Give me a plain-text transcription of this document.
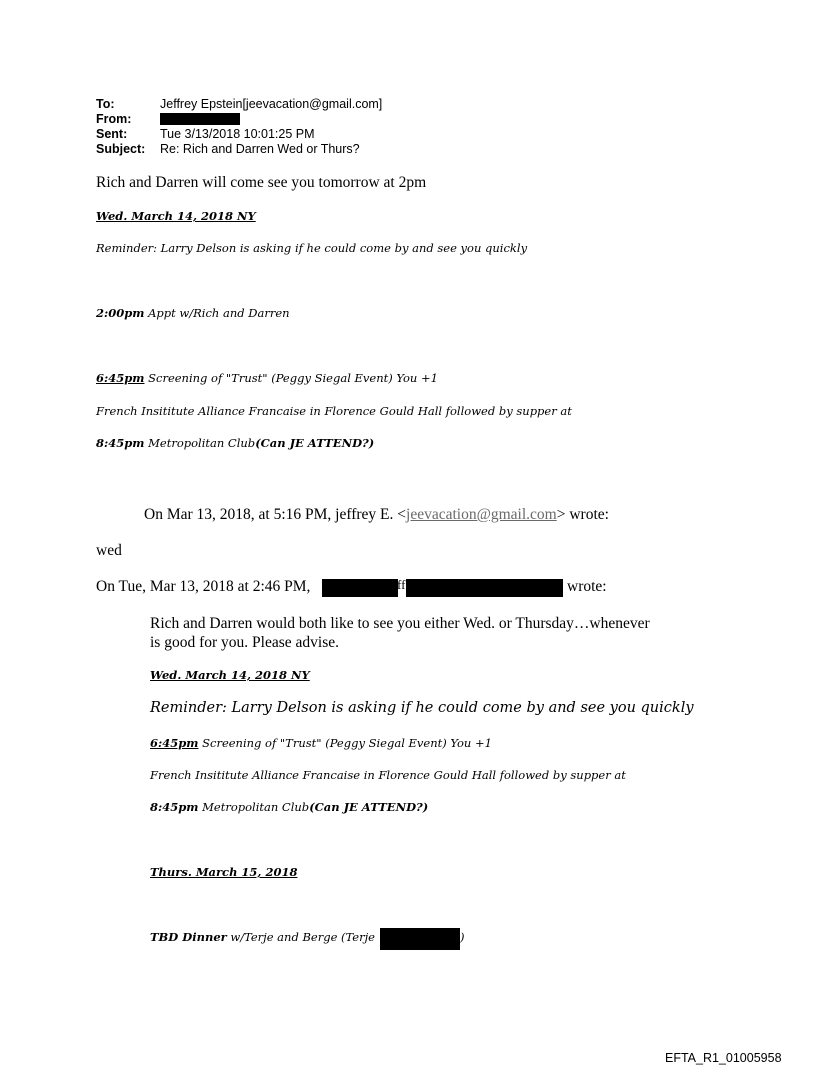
To:	Jeffrey Epstein[jeevacation@gmail.com]
From:
Sent:	Tue 3/13/2018 10:01:25 PM
Subject: Re: Rich and Darren Wed or Thurs?
Rich and Darren will come see you tomorrow at 2pm
Wed. March 14, 2018 NY
Reminder: Larry Delson is asking if he could come by and see you quickly
2:00pm Appt w/Rich and Darren
6:45pm Screening of "Trust" (Peggy Siegal Event) You +1
French Insititute Alliance Francaise in Florence Gould Hall followed by supper at
8:45pm Metropolitan Club(Can JE ATTEND?)
On Mar 13, 2018, at 5:16 PM, jeffrey E. <jeevacation@gmail.com> wrote:
wed
On Tue, Mar 13, 2018 at 2:46 PM,	ff	wrote:
Rich and Darren would both like to see you either Wed. or Thursday…whenever
is good for you. Please advise.
Wed. March 14, 2018 NY
Reminder: Larry Delson is asking if he could come by and see you quickly
6:45pm Screening of "Trust" (Peggy Siegal Event) You +1
French Insititute Alliance Francaise in Florence Gould Hall followed by supper at
8:45pm Metropolitan Club(Can JE ATTEND?)
Thurs. March 15, 2018
TBD Dinner w/Terje and Berge (Terje	)
EFTA_R1_01005958
